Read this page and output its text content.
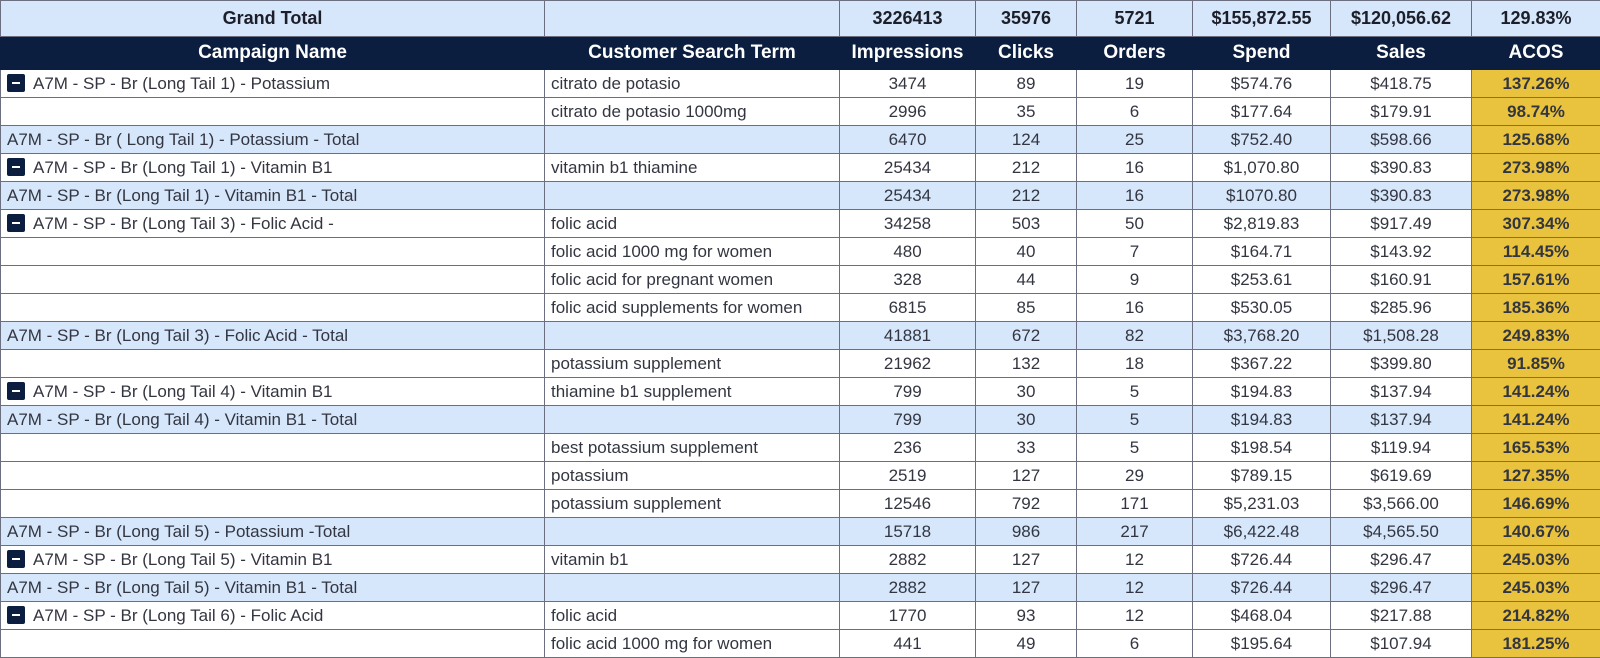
Grand Total		3226413	35976	5721	$155,872.55	$120,056.62	129.83%
Campaign Name	Customer Search Term	Impressions	Clicks	Orders	Spend	Sales	ACOS
A7M - SP - Br (Long Tail 1) - Potassium	citrato de potasio	3474	89	19	$574.76	$418.75	137.26%
	citrato de potasio 1000mg	2996	35	6	$177.64	$179.91	98.74%
A7M - SP - Br ( Long Tail 1) - Potassium - Total		6470	124	25	$752.40	$598.66	125.68%
A7M - SP - Br (Long Tail 1) - Vitamin B1	vitamin b1 thiamine	25434	212	16	$1,070.80	$390.83	273.98%
A7M - SP - Br (Long Tail 1) - Vitamin B1 - Total		25434	212	16	$1070.80	$390.83	273.98%
A7M - SP - Br (Long Tail 3) - Folic Acid -	folic acid	34258	503	50	$2,819.83	$917.49	307.34%
	folic acid 1000 mg for women	480	40	7	$164.71	$143.92	114.45%
	folic acid for pregnant women	328	44	9	$253.61	$160.91	157.61%
	folic acid supplements for women	6815	85	16	$530.05	$285.96	185.36%
A7M - SP - Br (Long Tail 3) - Folic Acid - Total		41881	672	82	$3,768.20	$1,508.28	249.83%
	potassium supplement	21962	132	18	$367.22	$399.80	91.85%
A7M - SP - Br (Long Tail 4) - Vitamin B1	thiamine b1 supplement	799	30	5	$194.83	$137.94	141.24%
A7M - SP - Br (Long Tail 4) - Vitamin B1 - Total		799	30	5	$194.83	$137.94	141.24%
	best potassium supplement	236	33	5	$198.54	$119.94	165.53%
	potassium	2519	127	29	$789.15	$619.69	127.35%
	potassium supplement	12546	792	171	$5,231.03	$3,566.00	146.69%
A7M - SP - Br (Long Tail 5) - Potassium -Total		15718	986	217	$6,422.48	$4,565.50	140.67%
A7M - SP - Br (Long Tail 5) - Vitamin B1	vitamin b1	2882	127	12	$726.44	$296.47	245.03%
A7M - SP - Br (Long Tail 5) - Vitamin B1 - Total		2882	127	12	$726.44	$296.47	245.03%
A7M - SP - Br (Long Tail 6) - Folic Acid	folic acid	1770	93	12	$468.04	$217.88	214.82%
	folic acid 1000 mg for women	441	49	6	$195.64	$107.94	181.25%
